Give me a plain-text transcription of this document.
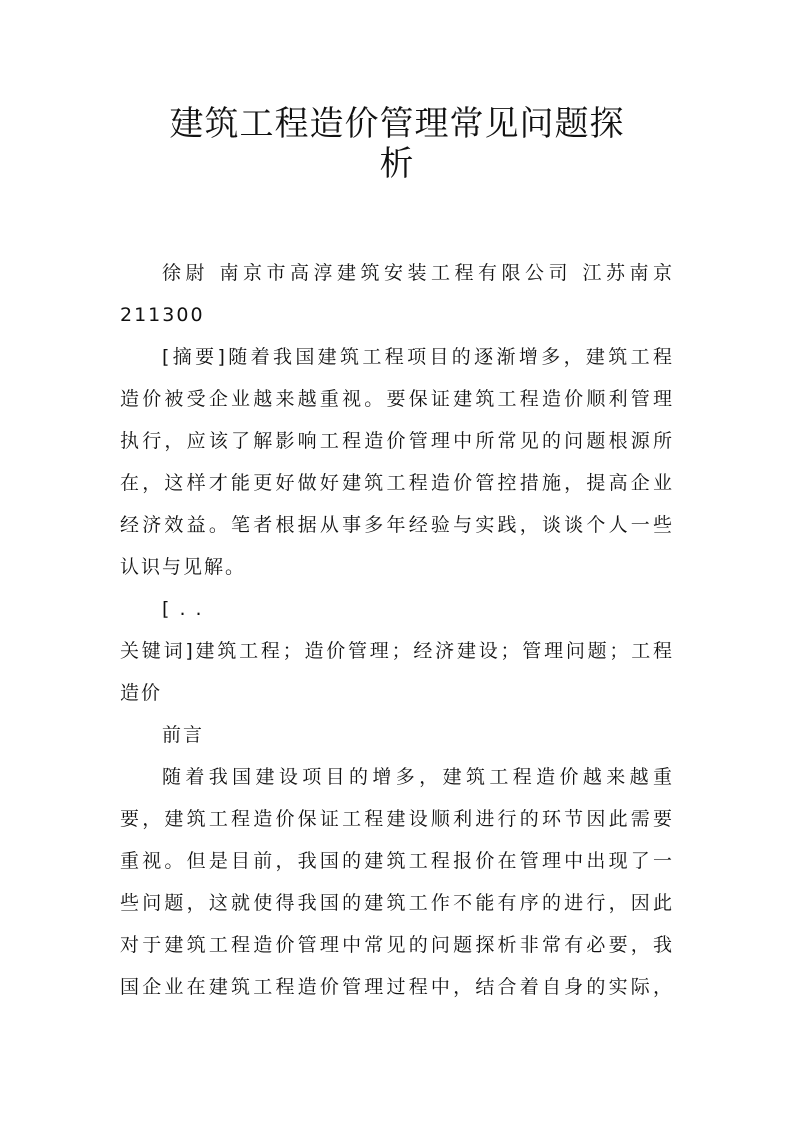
建筑工程造价管理常见问题探
析
徐尉 南京市高淳建筑安装工程有限公司 江苏南京
211300
[摘要]随着我国建筑工程项目的逐渐增多，建筑工程
造价被受企业越来越重视。要保证建筑工程造价顺利管理
执行，应该了解影响工程造价管理中所常见的问题根源所
在，这样才能更好做好建筑工程造价管控措施，提高企业
经济效益。笔者根据从事多年经验与实践，谈谈个人一些
认识与见解。
[ . .
关键词]建筑工程；造价管理；经济建设；管理问题；工程
造价
前言
随着我国建设项目的增多，建筑工程造价越来越重
要，建筑工程造价保证工程建设顺利进行的环节因此需要
重视。但是目前，我国的建筑工程报价在管理中出现了一
些问题，这就使得我国的建筑工作不能有序的进行，因此
对于建筑工程造价管理中常见的问题探析非常有必要，我
国企业在建筑工程造价管理过程中，结合着自身的实际，
